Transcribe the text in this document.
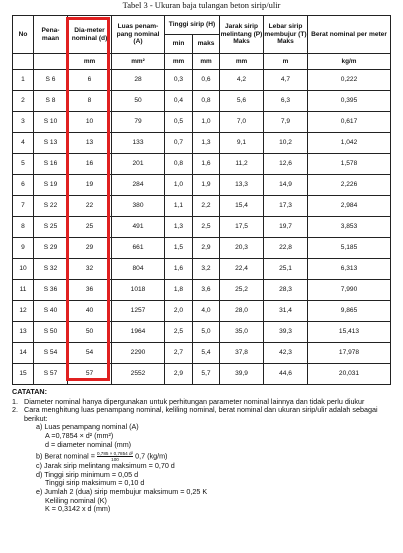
Tabel 3 - Ukuran baja tulangan beton sirip/ulir
No	Pena-maan	Dia-meter nominal (d)	Luas penam-pang nominal (A)	Tinggi sirip (H)		Jarak sirip melintang (P) Maks	Lebar sirip membujur (T) Maks	Berat nominal per meter
				min	maks			
		mm	mm²	mm	mm	mm	m	kg/m
1	S 6	6	28	0,3	0,6	4,2	4,7	0,222
2	S 8	8	50	0,4	0,8	5,6	6,3	0,395
3	S 10	10	79	0,5	1,0	7,0	7,9	0,617
4	S 13	13	133	0,7	1,3	9,1	10,2	1,042
5	S 16	16	201	0,8	1,6	11,2	12,6	1,578
6	S 19	19	284	1,0	1,9	13,3	14,9	2,226
7	S 22	22	380	1,1	2,2	15,4	17,3	2,984
8	S 25	25	491	1,3	2,5	17,5	19,7	3,853
9	S 29	29	661	1,5	2,9	20,3	22,8	5,185
10	S 32	32	804	1,6	3,2	22,4	25,1	6,313
11	S 36	36	1018	1,8	3,6	25,2	28,3	7,990
12	S 40	40	1257	2,0	4,0	28,0	31,4	9,865
13	S 50	50	1964	2,5	5,0	35,0	39,3	15,413
14	S 54	54	2290	2,7	5,4	37,8	42,3	17,978
15	S 57	57	2552	2,9	5,7	39,9	44,6	20,031
CATATAN:
1. Diameter nominal hanya dipergunakan untuk perhitungan parameter nominal lainnya dan tidak perlu diukur
2. Cara menghitung luas penampang nominal, keliling nominal, berat nominal dan ukuran sirip/ulir adalah sebagai berikut:
a) Luas penampang nominal (A)
A =0,7854 × d² (mm²)
d = diameter nominal (mm)
b) Berat nominal = $\frac{\text{0,785 × 0,7854 d²}}{100} 0,7$ (kg/m)
c) Jarak sirip melintang maksimum = 0,70 d
d) Tinggi sirip minimum = 0,05 d
Tinggi sirip maksimum = 0,10 d
e) Jumlah 2 (dua) sirip membujur maksimum = 0,25 K
Keliling nominal (K)
K = 0,3142 x d (mm)
